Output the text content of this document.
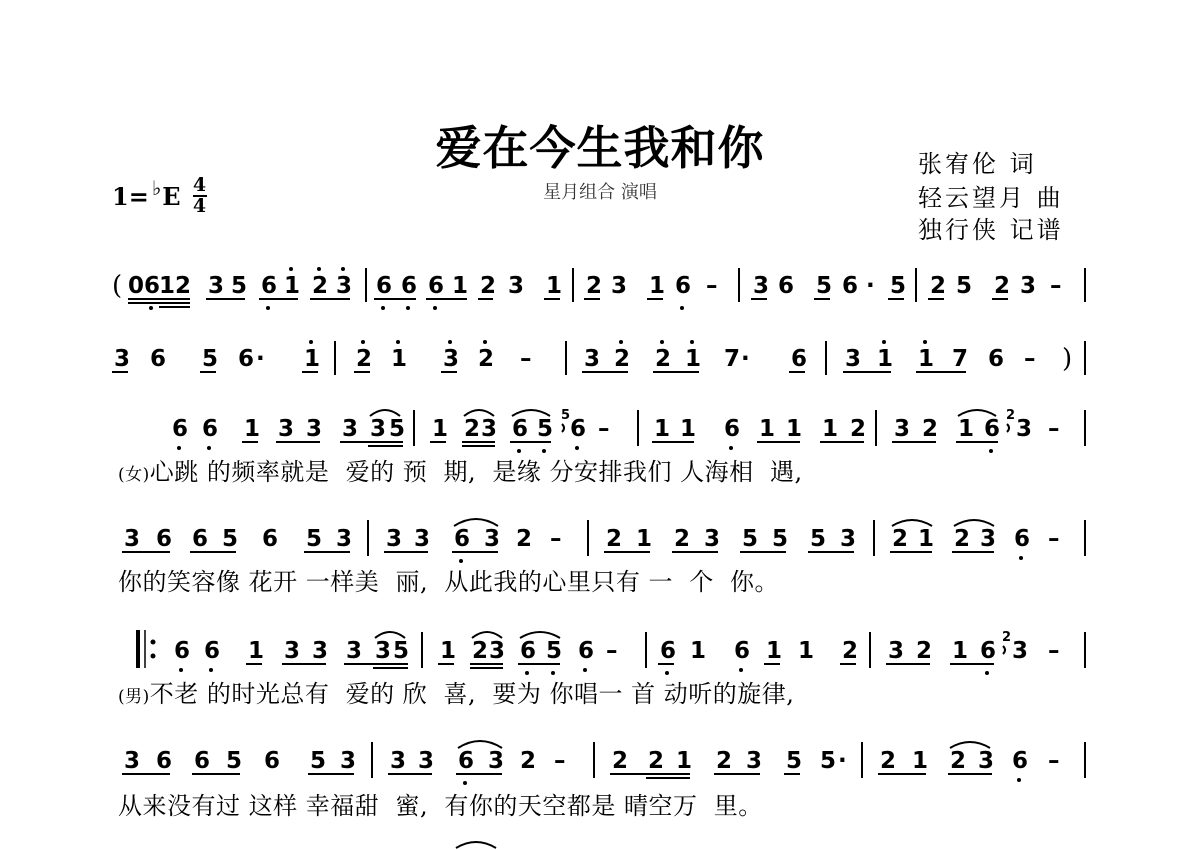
爱在今生我和你
星月组合 演唱
张宥伦 词
轻云望月 曲
独行侠 记谱
1= ♭ E 4
4
( 0 6
1 2 3 5 6 1 2 3 6 6 6 1 2 3 1 2 3 1 6 – 3 6 5 6 · 5 2 5 2 3 –
3 6 5 6 · 1 2 1 3 2 – 3 2 2 1 7 · 6 3 1 1 7 6 – )
6 6 1 3 3 3 3 5 1 2 3 6 5
5
6 – 1 1 6 1 1 1 2 3 2 1 6
2
3 –
(女)心跳 的频率就是  爱的 预  期,  是缘 分安排我们 人海相  遇,
3 6 6 5 6 5 3 3 3 6 3 2 – 2 1 2 3 5 5 5 3 2 1 2 3 6 –
你的笑容像 花开 一样美  丽,  从此我的心里只有 一  个  你。
6 6 1 3 3 3 3 5 1 2 3 6 5 6 – 6 1 6 1 1 2 3 2 1 6
2
3 –
(男)不老 的时光总有  爱的 欣  喜,  要为 你唱一 首 动听的旋律,
3 6 6 5 6 5 3 3 3 6 3 2 – 2 2 1 2 3 5 5 · 2 1 2 3 6 –
从来没有过 这样 幸福甜  蜜,  有你的天空都是 晴空万  里。
